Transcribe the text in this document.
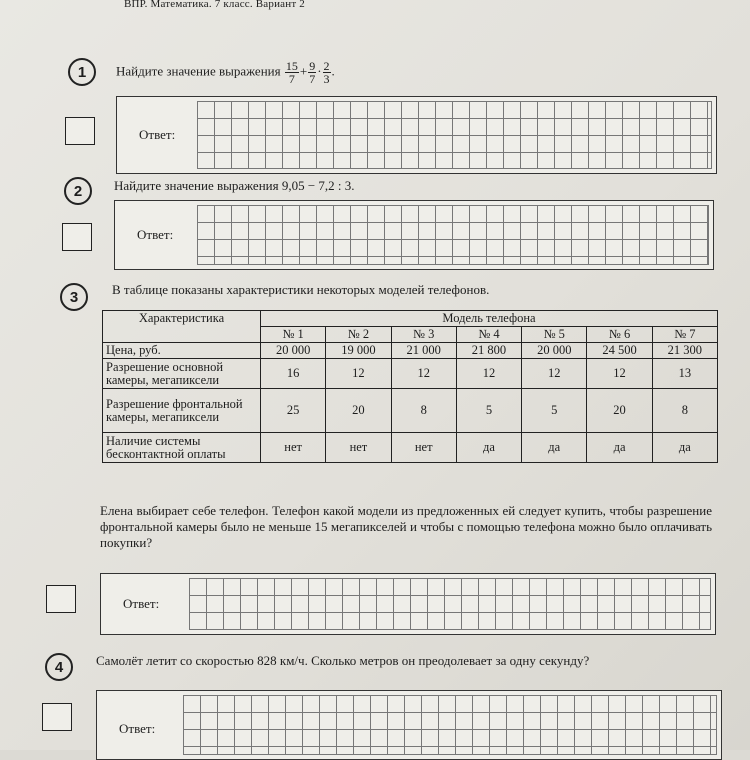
ВПР. Математика. 7 класс. Вариант 2
1	Найдите значение выражения $\frac{15}{7} + \frac{9}{7} \cdot \frac{2}{3}$ .
Ответ:
2	Найдите значение выражения 9,05 − 7,2 : 3.
Ответ:
3	В таблице показаны характеристики некоторых моделей телефонов.
Характеристика	Модель телефона						
	№ 1	№ 2	№ 3	№ 4	№ 5	№ 6	№ 7
Цена, руб.	20 000	19 000	21 000	21 800	20 000	24 500	21 300
Разрешение основной камеры, мегапиксели	16	12	12	12	12	12	13
Разрешение фронтальной камеры, мегапиксели	25	20	8	5	5	20	8
Наличие системы бесконтактной оплаты	нет	нет	нет	да	да	да	да
Елена выбирает себе телефон. Телефон какой модели из предложенных ей следует купить, чтобы разрешение фронтальной камеры было не меньше 15 мегапикселей и чтобы с помощью телефона можно было оплачивать покупки?
Ответ:
4	Самолёт летит со скоростью 828 км/ч. Сколько метров он преодолевает за одну секунду?
Ответ:
